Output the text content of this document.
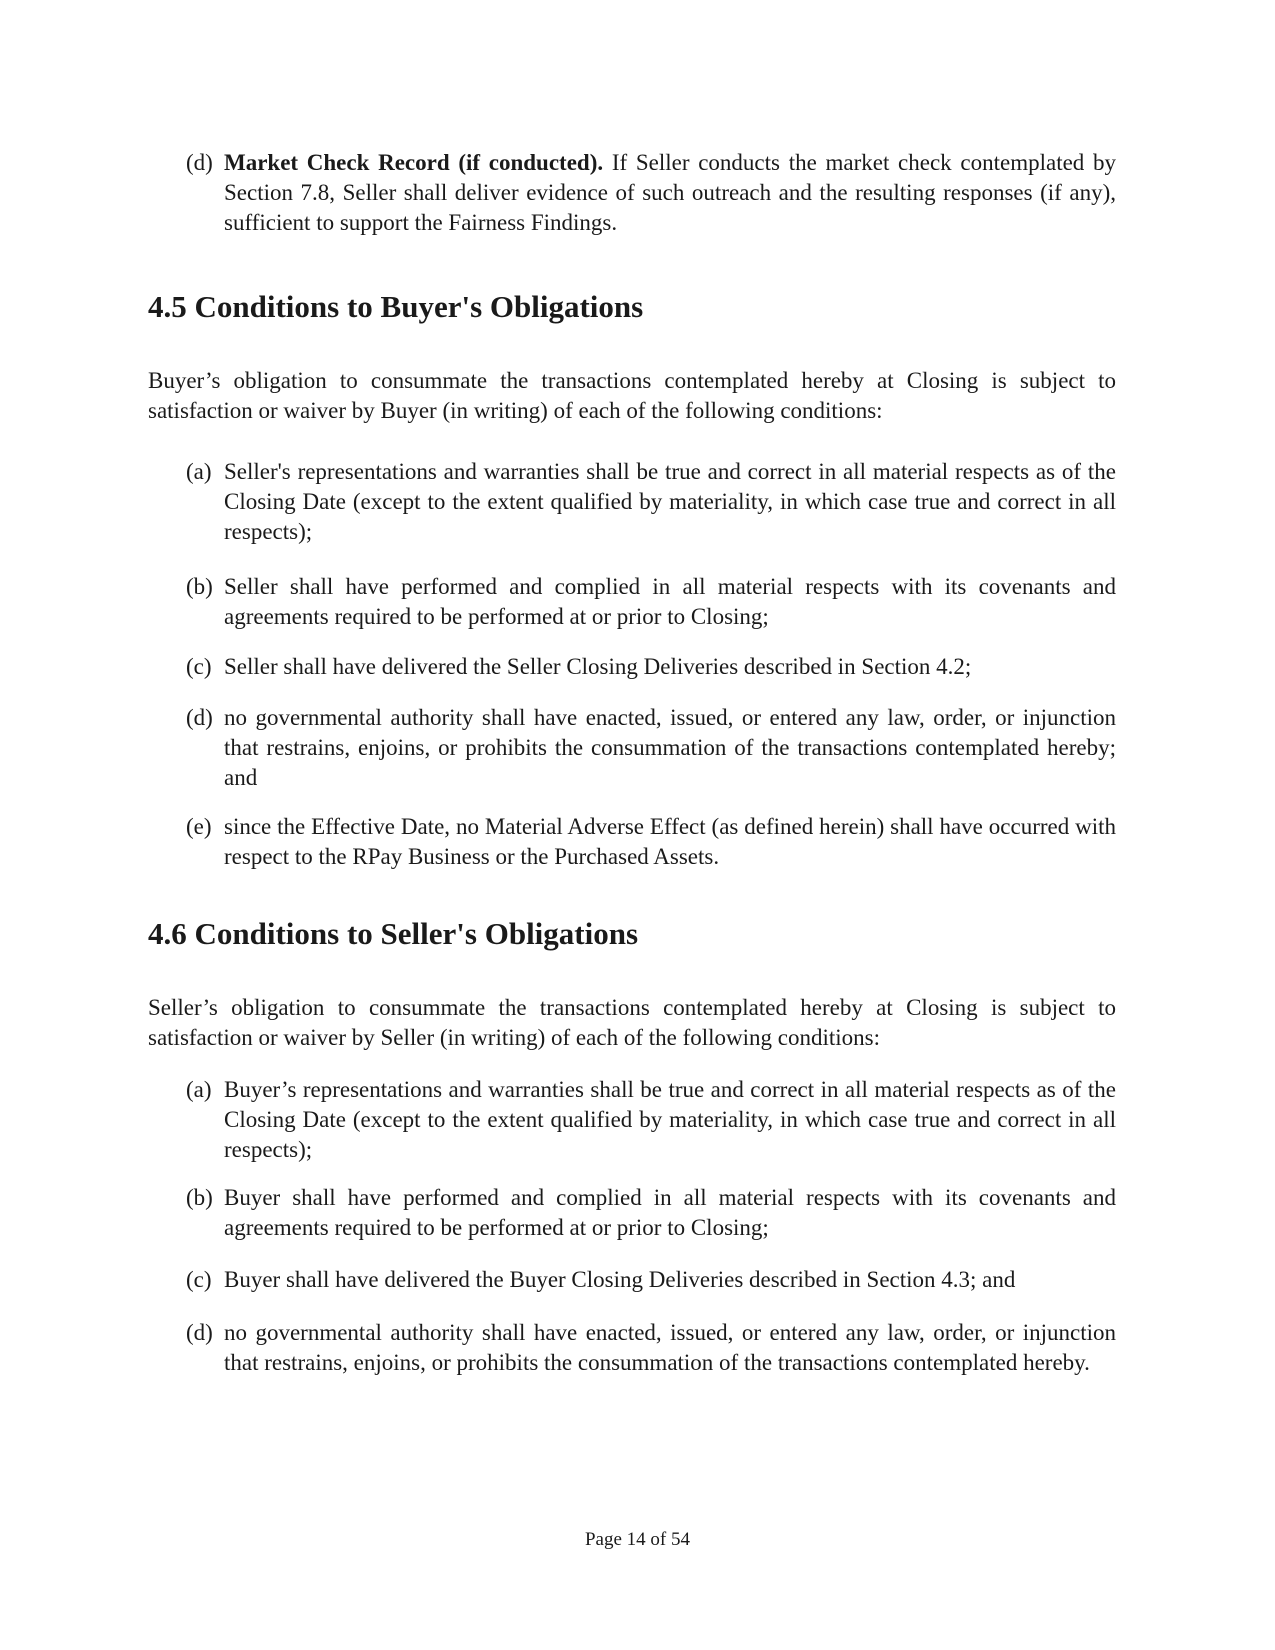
(d) Market Check Record (if conducted). If Seller conducts the market check contemplated by Section 7.8, Seller shall deliver evidence of such outreach and the resulting responses (if any), sufficient to support the Fairness Findings.
4.5 Conditions to Buyer's Obligations
Buyer’s obligation to consummate the transactions contemplated hereby at Closing is subject to satisfaction or waiver by Buyer (in writing) of each of the following conditions:
(a) Seller's representations and warranties shall be true and correct in all material respects as of the Closing Date (except to the extent qualified by materiality, in which case true and correct in all respects);
(b) Seller shall have performed and complied in all material respects with its covenants and agreements required to be performed at or prior to Closing;
(c) Seller shall have delivered the Seller Closing Deliveries described in Section 4.2;
(d) no governmental authority shall have enacted, issued, or entered any law, order, or injunction that restrains, enjoins, or prohibits the consummation of the transactions contemplated hereby; and
(e) since the Effective Date, no Material Adverse Effect (as defined herein) shall have occurred with respect to the RPay Business or the Purchased Assets.
4.6 Conditions to Seller's Obligations
Seller’s obligation to consummate the transactions contemplated hereby at Closing is subject to satisfaction or waiver by Seller (in writing) of each of the following conditions:
(a) Buyer’s representations and warranties shall be true and correct in all material respects as of the Closing Date (except to the extent qualified by materiality, in which case true and correct in all respects);
(b) Buyer shall have performed and complied in all material respects with its covenants and agreements required to be performed at or prior to Closing;
(c) Buyer shall have delivered the Buyer Closing Deliveries described in Section 4.3; and
(d) no governmental authority shall have enacted, issued, or entered any law, order, or injunction that restrains, enjoins, or prohibits the consummation of the transactions contemplated hereby.
Page 14 of 54
